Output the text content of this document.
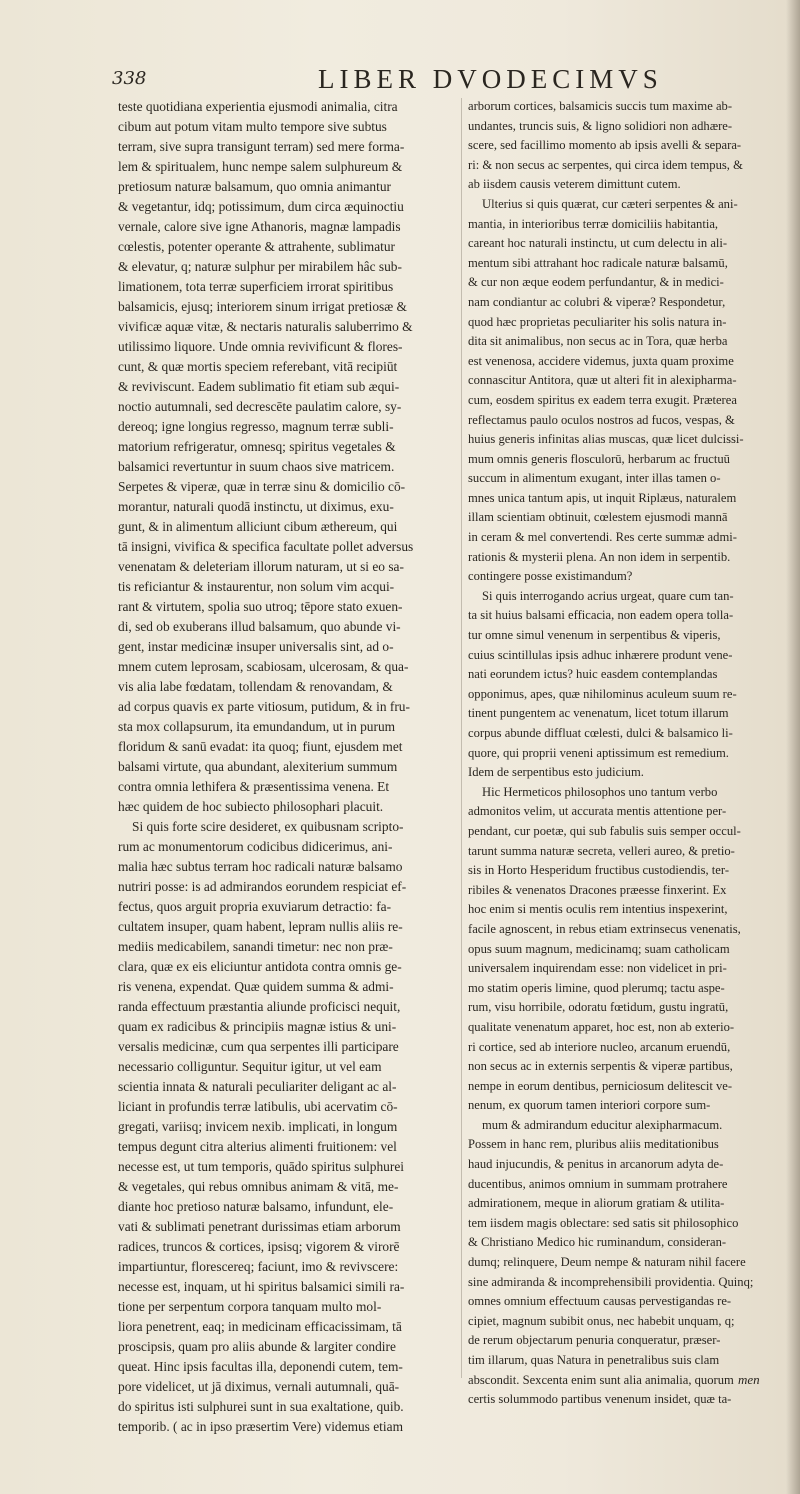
338	LIBER DVODECIMVS
teste quotidiana experientia ejusmodi animalia, citra
cibum aut potum vitam multo tempore sive subtus
terram, sive supra transigunt terram) sed mere forma-
lem & spiritualem, hunc nempe salem sulphureum &
pretiosum naturæ balsamum, quo omnia animantur
& vegetantur, idq; potissimum, dum circa æquinoctiu
vernale, calore sive igne Athanoris, magnæ lampadis
cœlestis, potenter operante & attrahente, sublimatur
& elevatur, q; naturæ sulphur per mirabilem hâc sub-
limationem, tota terræ superficiem irrorat spiritibus
balsamicis, ejusq; interiorem sinum irrigat pretiosæ &
vivificæ aquæ vitæ, & nectaris naturalis saluberrimo &
utilissimo liquore. Unde omnia revivificunt & flores-
cunt, & quæ mortis speciem referebant, vitā recipiūt
& reviviscunt. Eadem sublimatio fit etiam sub æqui-
noctio autumnali, sed decrescēte paulatim calore, sy-
dereoq; igne longius regresso, magnum terræ subli-
matorium refrigeratur, omnesq; spiritus vegetales &
balsamici revertuntur in suum chaos sive matricem.
Serpetes & viperæ, quæ in terræ sinu & domicilio cō-
morantur, naturali quodā instinctu, ut diximus, exu-
gunt, & in alimentum alliciunt cibum æthereum, qui
tā insigni, vivifica & specifica facultate pollet adversus
venenatam & deleteriam illorum naturam, ut si eo sa-
tis reficiantur & instaurentur, non solum vim acqui-
rant & virtutem, spolia suo utroq; tēpore stato exuen-
di, sed ob exuberans illud balsamum, quo abunde vi-
gent, instar medicinæ insuper universalis sint, ad o-
mnem cutem leprosam, scabiosam, ulcerosam, & qua-
vis alia labe fœdatam, tollendam & renovandam, &
ad corpus quavis ex parte vitiosum, putidum, & in fru-
sta mox collapsurum, ita emundandum, ut in purum
floridum & sanū evadat: ita quoq; fiunt, ejusdem met
balsami virtute, qua abundant, alexiterium summum
contra omnia lethifera & præsentissima venena. Et
hæc quidem de hoc subiecto philosophari placuit.
Si quis forte scire desideret, ex quibusnam scripto-
rum ac monumentorum codicibus didicerimus, ani-
malia hæc subtus terram hoc radicali naturæ balsamo
nutriri posse: is ad admirandos eorundem respiciat ef-
fectus, quos arguit propria exuviarum detractio: fa-
cultatem insuper, quam habent, lepram nullis aliis re-
mediis medicabilem, sanandi timetur: nec non præ-
clara, quæ ex eis eliciuntur antidota contra omnis ge-
ris venena, expendat. Quæ quidem summa & admi-
randa effectuum præstantia aliunde proficisci nequit,
quam ex radicibus & principiis magnæ istius & uni-
versalis medicinæ, cum qua serpentes illi participare
necessario colliguntur. Sequitur igitur, ut vel eam
scientia innata & naturali peculiariter deligant ac al-
liciant in profundis terræ latibulis, ubi acervatim cō-
gregati, variisq; invicem nexib. implicati, in longum
tempus degunt citra alterius alimenti fruitionem: vel
necesse est, ut tum temporis, quādo spiritus sulphurei
& vegetales, qui rebus omnibus animam & vitā, me-
diante hoc pretioso naturæ balsamo, infundunt, ele-
vati & sublimati penetrant durissimas etiam arborum
radices, truncos & cortices, ipsisq; vigorem & virorē
impartiuntur, florescereq; faciunt, imo & revivscere:
necesse est, inquam, ut hi spiritus balsamici simili ra-
tione per serpentum corpora tanquam multo mol-
liora penetrent, eaq; in medicinam efficacissimam, tā
proscipsis, quam pro aliis abunde & largiter condire
queat. Hinc ipsis facultas illa, deponendi cutem, tem-
pore videlicet, ut jā diximus, vernali autumnali, quā-
do spiritus isti sulphurei sunt in sua exaltatione, quib.
temporib. ( ac in ipso præsertim Vere) videmus etiam
arborum cortices, balsamicis succis tum maxime ab-
undantes, truncis suis, & ligno solidiori non adhære-
scere, sed facillimo momento ab ipsis avelli & separa-
ri: & non secus ac serpentes, qui circa idem tempus, &
ab iisdem causis veterem dimittunt cutem.
Ulterius si quis quærat, cur cæteri serpentes & ani-
mantia, in interioribus terræ domiciliis habitantia,
careant hoc naturali instinctu, ut cum delectu in ali-
mentum sibi attrahant hoc radicale naturæ balsamū,
& cur non æque eodem perfundantur, & in medici-
nam condiantur ac colubri & viperæ? Respondetur,
quod hæc proprietas peculiariter his solis natura in-
dita sit animalibus, non secus ac in Tora, quæ herba
est venenosa, accidere videmus, juxta quam proxime
connascitur Antitora, quæ ut alteri fit in alexipharma-
cum, eosdem spiritus ex eadem terra exugit. Præterea
reflectamus paulo oculos nostros ad fucos, vespas, &
huius generis infinitas alias muscas, quæ licet dulcissi-
mum omnis generis flosculorū, herbarum ac fructuū
succum in alimentum exugant, inter illas tamen o-
mnes unica tantum apis, ut inquit Riplæus, naturalem
illam scientiam obtinuit, cœlestem ejusmodi mannā
in ceram & mel convertendi. Res certe summæ admi-
rationis & mysterii plena. An non idem in serpentib.
contingere posse existimandum?
Si quis interrogando acrius urgeat, quare cum tan-
ta sit huius balsami efficacia, non eadem opera tolla-
tur omne simul venenum in serpentibus & viperis,
cuius scintillulas ipsis adhuc inhærere produnt vene-
nati eorundem ictus? huic easdem contemplandas
opponimus, apes, quæ nihilominus aculeum suum re-
tinent pungentem ac venenatum, licet totum illarum
corpus abunde diffluat cœlesti, dulci & balsamico li-
quore, qui proprii veneni aptissimum est remedium.
Idem de serpentibus esto judicium.
Hic Hermeticos philosophos uno tantum verbo
admonitos velim, ut accurata mentis attentione per-
pendant, cur poetæ, qui sub fabulis suis semper occul-
tarunt summa naturæ secreta, velleri aureo, & pretio-
sis in Horto Hesperidum fructibus custodiendis, ter-
ribiles & venenatos Dracones præesse finxerint. Ex
hoc enim si mentis oculis rem intentius inspexerint,
facile agnoscent, in rebus etiam extrinsecus venenatis,
opus suum magnum, medicinamq; suam catholicam
universalem inquirendam esse: non videlicet in pri-
mo statim operis limine, quod plerumq; tactu aspe-
rum, visu horribile, odoratu fœtidum, gustu ingratū,
qualitate venenatum apparet, hoc est, non ab exterio-
ri cortice, sed ab interiore nucleo, arcanum eruendū,
non secus ac in externis serpentis & viperæ partibus,
nempe in eorum dentibus, perniciosum delitescit ve-
nenum, ex quorum tamen interiori corpore sum-
mum & admirandum educitur alexipharmacum.
Possem in hanc rem, pluribus aliis meditationibus
haud injucundis, & penitus in arcanorum adyta de-
ducentibus, animos omnium in summam protrahere
admirationem, meque in aliorum gratiam & utilita-
tem iisdem magis oblectare: sed satis sit philosophico
& Christiano Medico hic ruminandum, consideran-
dumq; relinquere, Deum nempe & naturam nihil facere
sine admiranda & incomprehensibili providentia. Quinq;
omnes omnium effectuum causas pervestigandas re-
cipiet, magnum subibit onus, nec habebit unquam, q;
de rerum objectarum penuria conqueratur, præser-
tim illarum, quas Natura in penetralibus suis clam
abscondit. Sexcenta enim sunt alia animalia, quorum
certis solummodo partibus venenum insidet, quæ ta-
men
